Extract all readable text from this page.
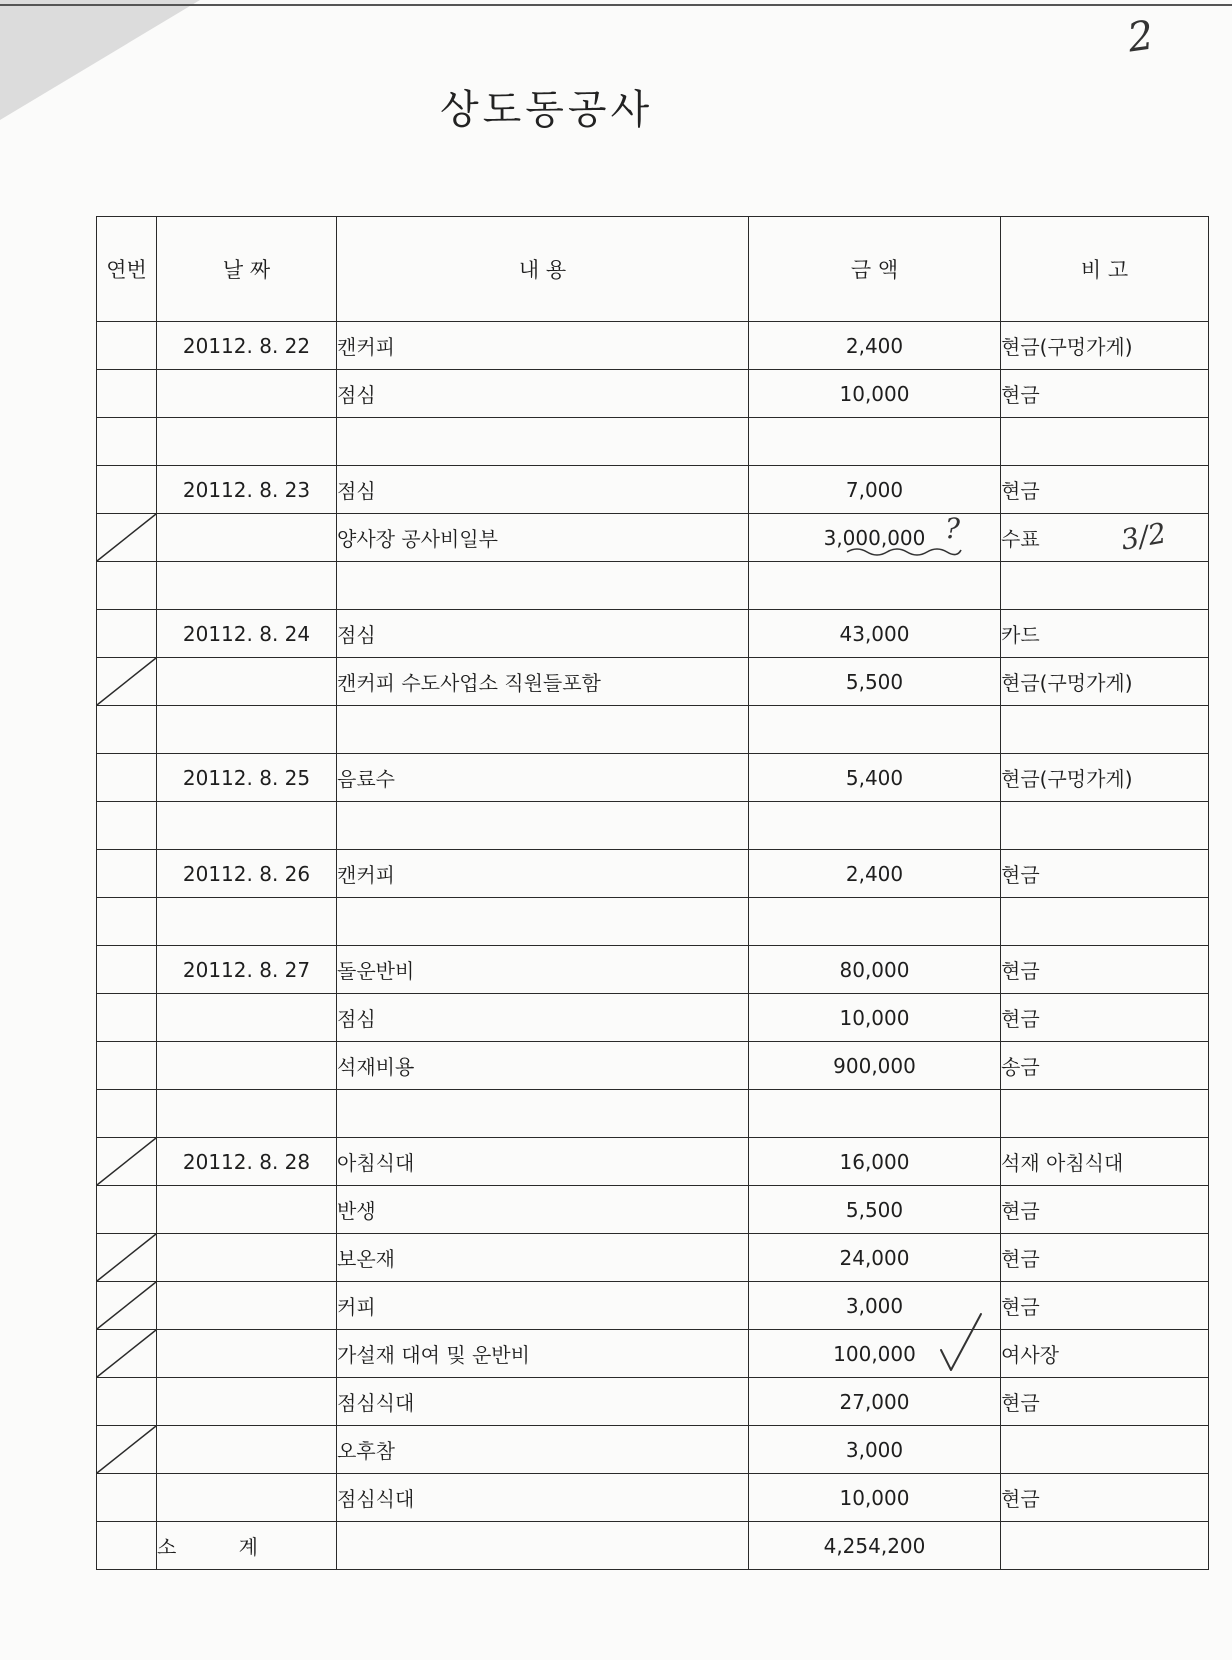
2
상도동공사
연번	날 짜	내 용	금 액	비 고
	20112. 8. 22	캔커피	2,400	현금(구멍가게)
		점심	10,000	현금

	20112. 8. 23	점심	7,000	현금

		양사장 공사비일부	3,000,000 ?	수표 3/2

	20112. 8. 24	점심	43,000	카드

		캔커피 수도사업소 직원들포함	5,500	현금(구멍가게)

	20112. 8. 25	음료수	5,400	현금(구멍가게)

	20112. 8. 26	캔커피	2,400	현금

	20112. 8. 27	돌운반비	80,000	현금
		점심	10,000	현금
		석재비용	900,000	송금

	20112. 8. 28	아침식대	16,000	석재 아침식대
		반생	5,500	현금

		보온재	24,000	현금

		커피	3,000	현금

		가설재 대여 및 운반비	100,000	여사장
		점심식대	27,000	현금

		오후참	3,000	
		점심식대	10,000	현금
	소 계		4,254,200	
